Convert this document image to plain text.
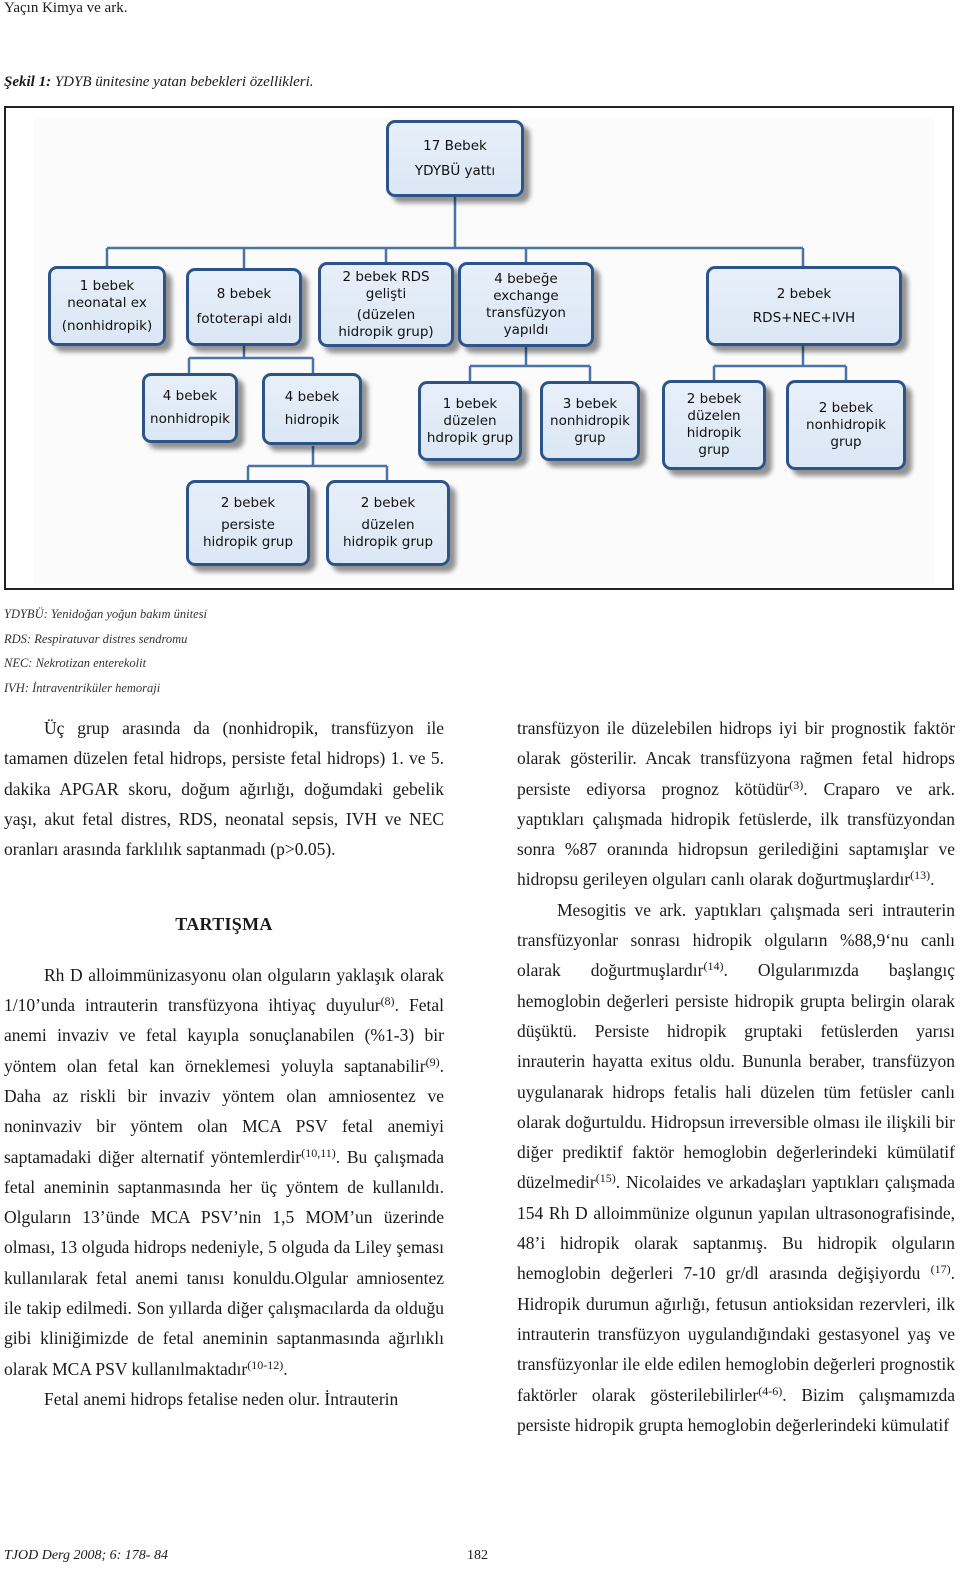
Yaçın Kimya ve ark.
Şekil 1: YDYB ünitesine yatan bebekleri özellikleri.
17 Bebek
YDYBÜ yattı
1 bebek
neonatal ex
(nonhidropik)
8 bebek
fototerapi aldı
2 bebek RDS
gelişti
(düzelen
hidropik grup)
4 bebeğe
exchange
transfüzyon
yapıldı
2 bebek
RDS+NEC+IVH
4 bebek
nonhidropik
4 bebek
hidropik
1 bebek
düzelen
hdropik grup
3 bebek
nonhidropik
grup
2 bebek
düzelen
hidropik
grup
2 bebek
nonhidropik
grup
2 bebek
persiste
hidropik grup
2 bebek
düzelen
hidropik grup
YDYBÜ: Yenidoğan yoğun bakım ünitesi
RDS: Respiratuvar distres sendromu
NEC: Nekrotizan enterekolit
IVH: İntraventriküler hemoraji

Üç grup arasında da (nonhidropik, transfüzyon ile tamamen düzelen fetal hidrops, persiste fetal hidrops) 1. ve 5. dakika APGAR skoru, doğum ağırlığı, doğumdaki gebelik yaşı, akut fetal distres, RDS, neonatal sepsis, IVH ve NEC oranları arasında farklılık saptanmadı (p>0.05).

TARTIŞMA

Rh D alloimmünizasyonu olan olguların yaklaşık olarak 1/10’unda intrauterin transfüzyona ihtiyaç duyulur$^{(8)}$. Fetal anemi invaziv ve fetal kayıpla sonuçlanabilen (%1-3) bir yöntem olan fetal kan örneklemesi yoluyla saptanabilir$^{(9)}$. Daha az riskli bir invaziv yöntem olan amniosentez ve noninvaziv bir yöntem olan MCA PSV fetal anemiyi saptamadaki diğer alternatif yöntemlerdir$^{(10,11)}$. Bu çalışmada fetal aneminin saptanmasında her üç yöntem de kullanıldı. Olguların 13’ünde MCA PSV’nin 1,5 MOM’un üzerinde olması, 13 olguda hidrops nedeniyle, 5 olguda da Liley şeması kullanılarak fetal anemi tanısı konuldu.Olgular amniosentez ile takip edilmedi. Son yıllarda diğer çalışmacılarda da olduğu gibi kliniğimizde de fetal aneminin saptanmasında ağırlıklı olarak MCA PSV kullanılmaktadır$^{(10-12)}$.

Fetal anemi hidrops fetalise neden olur. İntrauterin

transfüzyon ile düzelebilen hidrops iyi bir prognostik faktör olarak gösterilir. Ancak transfüzyona rağmen fetal hidrops persiste ediyorsa prognoz kötüdür$^{(3)}$. Craparo ve ark. yaptıkları çalışmada hidropik fetüslerde, ilk transfüzyondan sonra %87 oranında hidropsun gerilediğini saptamışlar ve hidropsu gerileyen olguları canlı olarak doğurtmuşlardır$^{(13)}$.

Mesogitis ve ark. yaptıkları çalışmada seri intrauterin transfüzyonlar sonrası hidropik olguların %88,9‘nu canlı olarak doğurtmuşlardır$^{(14)}$. Olgularımızda başlangıç hemoglobin değerleri persiste hidropik grupta belirgin olarak düşüktü. Persiste hidropik gruptaki fetüslerden yarısı inrauterin hayatta exitus oldu. Bununla beraber, transfüzyon uygulanarak hidrops fetalis hali düzelen tüm fetüsler canlı olarak doğurtuldu. Hidropsun irreversible olması ile ilişkili bir diğer prediktif faktör hemoglobin değerlerindeki kümülatif düzelmedir$^{(15)}$. Nicolaides ve arkadaşları yaptıkları çalışmada 154 Rh D alloimmünize olgunun yapılan ultrasonografisinde, 48’i hidropik olarak saptanmış. Bu hidropik olguların hemoglobin değerleri 7-10 gr/dl arasında değişiyordu $^{(17)}$. Hidropik durumun ağırlığı, fetusun antioksidan rezervleri, ilk intrauterin transfüzyon uygulandığındaki gestasyonel yaş ve transfüzyonlar ile elde edilen hemoglobin değerleri prognostik faktörler olarak gösterilebilirler$^{(4-6)}$. Bizim çalışmamızda persiste hidropik grupta hemoglobin değerlerindeki kümulatif

TJOD Derg 2008; 6: 178- 84	182
